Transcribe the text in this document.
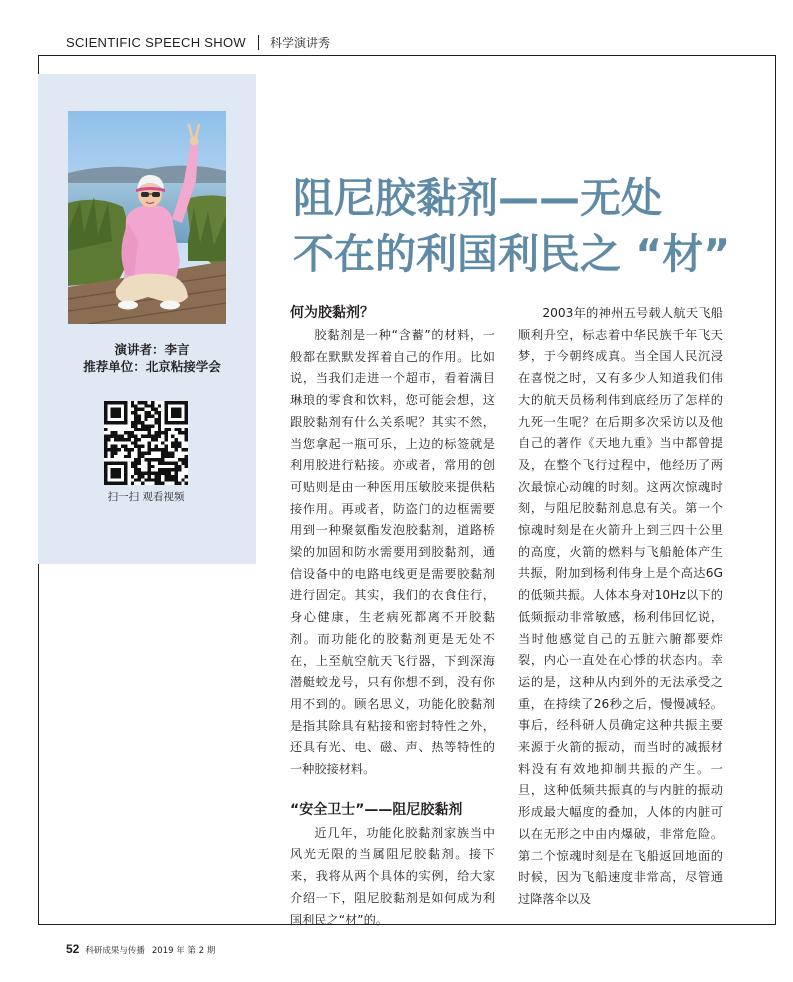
SCIENTIFIC SPEECH SHOW 科学演讲秀
演讲者：李言
推荐单位：北京粘接学会
扫一扫 观看视频
阻尼胶黏剂——无处
不在的利国利民之 “材”
何为胶黏剂？

胶黏剂是一种“含蓄”的材料，一般都在默默发挥着自己的作用。比如说，当我们走进一个超市，看着满目琳琅的零食和饮料，您可能会想，这跟胶黏剂有什么关系呢？其实不然，当您拿起一瓶可乐，上边的标签就是利用胶进行粘接。亦或者，常用的创可贴则是由一种医用压敏胶来提供粘接作用。再或者，防盗门的边框需要用到一种聚氨酯发泡胶黏剂，道路桥梁的加固和防水需要用到胶黏剂，通信设备中的电路电线更是需要胶黏剂进行固定。其实，我们的衣食住行，身心健康，生老病死都离不开胶黏剂。而功能化的胶黏剂更是无处不在，上至航空航天飞行器，下到深海潜艇蛟龙号，只有你想不到，没有你用不到的。顾名思义，功能化胶黏剂是指其除具有粘接和密封特性之外，还具有光、电、磁、声、热等特性的一种胶接材料。

“安全卫士”——阻尼胶黏剂

近几年，功能化胶黏剂家族当中风光无限的当属阻尼胶黏剂。接下来，我将从两个具体的实例，给大家介绍一下，阻尼胶黏剂是如何成为利国利民之“材”的。

2003年的神州五号载人航天飞船顺利升空，标志着中华民族千年飞天梦，于今朝终成真。当全国人民沉浸在喜悦之时，又有多少人知道我们伟大的航天员杨利伟到底经历了怎样的九死一生呢？在后期多次采访以及他自己的著作《天地九重》当中都曾提及，在整个飞行过程中，他经历了两次最惊心动魄的时刻。这两次惊魂时刻，与阻尼胶黏剂息息有关。第一个惊魂时刻是在火箭升上到三四十公里的高度，火箭的燃料与飞船舱体产生共振，附加到杨利伟身上是个高达6G的低频共振。人体本身对10Hz以下的低频振动非常敏感，杨利伟回忆说，当时他感觉自己的五脏六腑都要炸裂，内心一直处在心悸的状态内。幸运的是，这种从内到外的无法承受之重，在持续了26秒之后，慢慢减轻。事后，经科研人员确定这种共振主要来源于火箭的振动，而当时的减振材料没有有效地抑制共振的产生。一旦，这种低频共振真的与内脏的振动形成最大幅度的叠加，人体的内脏可以在无形之中由内爆破，非常危险。第二个惊魂时刻是在飞船返回地面的时候，因为飞船速度非常高，尽管通过降落伞以及

52 科研成果与传播 2019 年 第 2 期
